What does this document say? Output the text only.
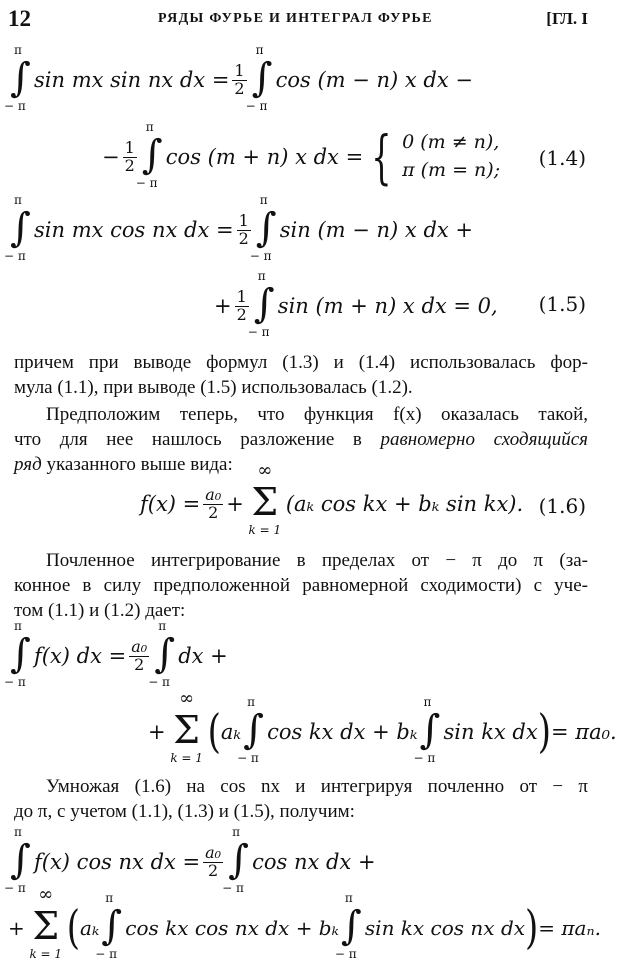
12	РЯДЫ ФУРЬЕ И ИНТЕГРАЛ ФУРЬЕ	[ГЛ. I
π
∫
− π
sin mx sin nx dx = $\frac{1}{2}$
π
∫
− π
cos (m − n) x dx −
− $\frac{1}{2}$
π
∫
− π
cos (m + n) x dx = { 0 (m ≠ n),
π (m = n); (1.4)
π
∫
− π
sin mx cos nx dx = $\frac{1}{2}$
π
∫
− π
sin (m − n) x dx +
+ $\frac{1}{2}$
π
∫
− π
sin (m + n) x dx = 0, (1.5)
причем при выводе формул (1.3) и (1.4) использовалась фор-
мула (1.1), при выводе (1.5) использовалась (1.2).
Предположим теперь, что функция f(x) оказалась такой,
что для нее нашлось разложение в равномерно сходящийся
ряд указанного выше вида:
$f(x) = \frac{\text{a₀}}{2}$ +
∞
Σ
k = 1
(aₖ cos kx + bₖ sin kx). (1.6)
Почленное интегрирование в пределах от − π до π (за-
конное в силу предположенной равномерной сходимости) с уче-
том (1.1) и (1.2) дает:
π
∫
− π
f(x) dx = $\frac{\text{a₀}}{2}$
π
∫
− π
dx +
+
∞
Σ
k = 1 ( aₖ
π
∫
− π
cos kx dx + bₖ
π
∫
− π
sin kx dx ) = πa₀.
Умножая (1.6) на cos nx и интегрируя почленно от − π
до π, с учетом (1.1), (1.3) и (1.5), получим:
π
∫
− π
f(x) cos nx dx = $\frac{\text{a₀}}{2}$
π
∫
− π
cos nx dx +
+
∞
Σ
k = 1 ( aₖ
π
∫
− π
cos kx cos nx dx + bₖ
π
∫
− π
sin kx cos nx dx ) = πaₙ.
